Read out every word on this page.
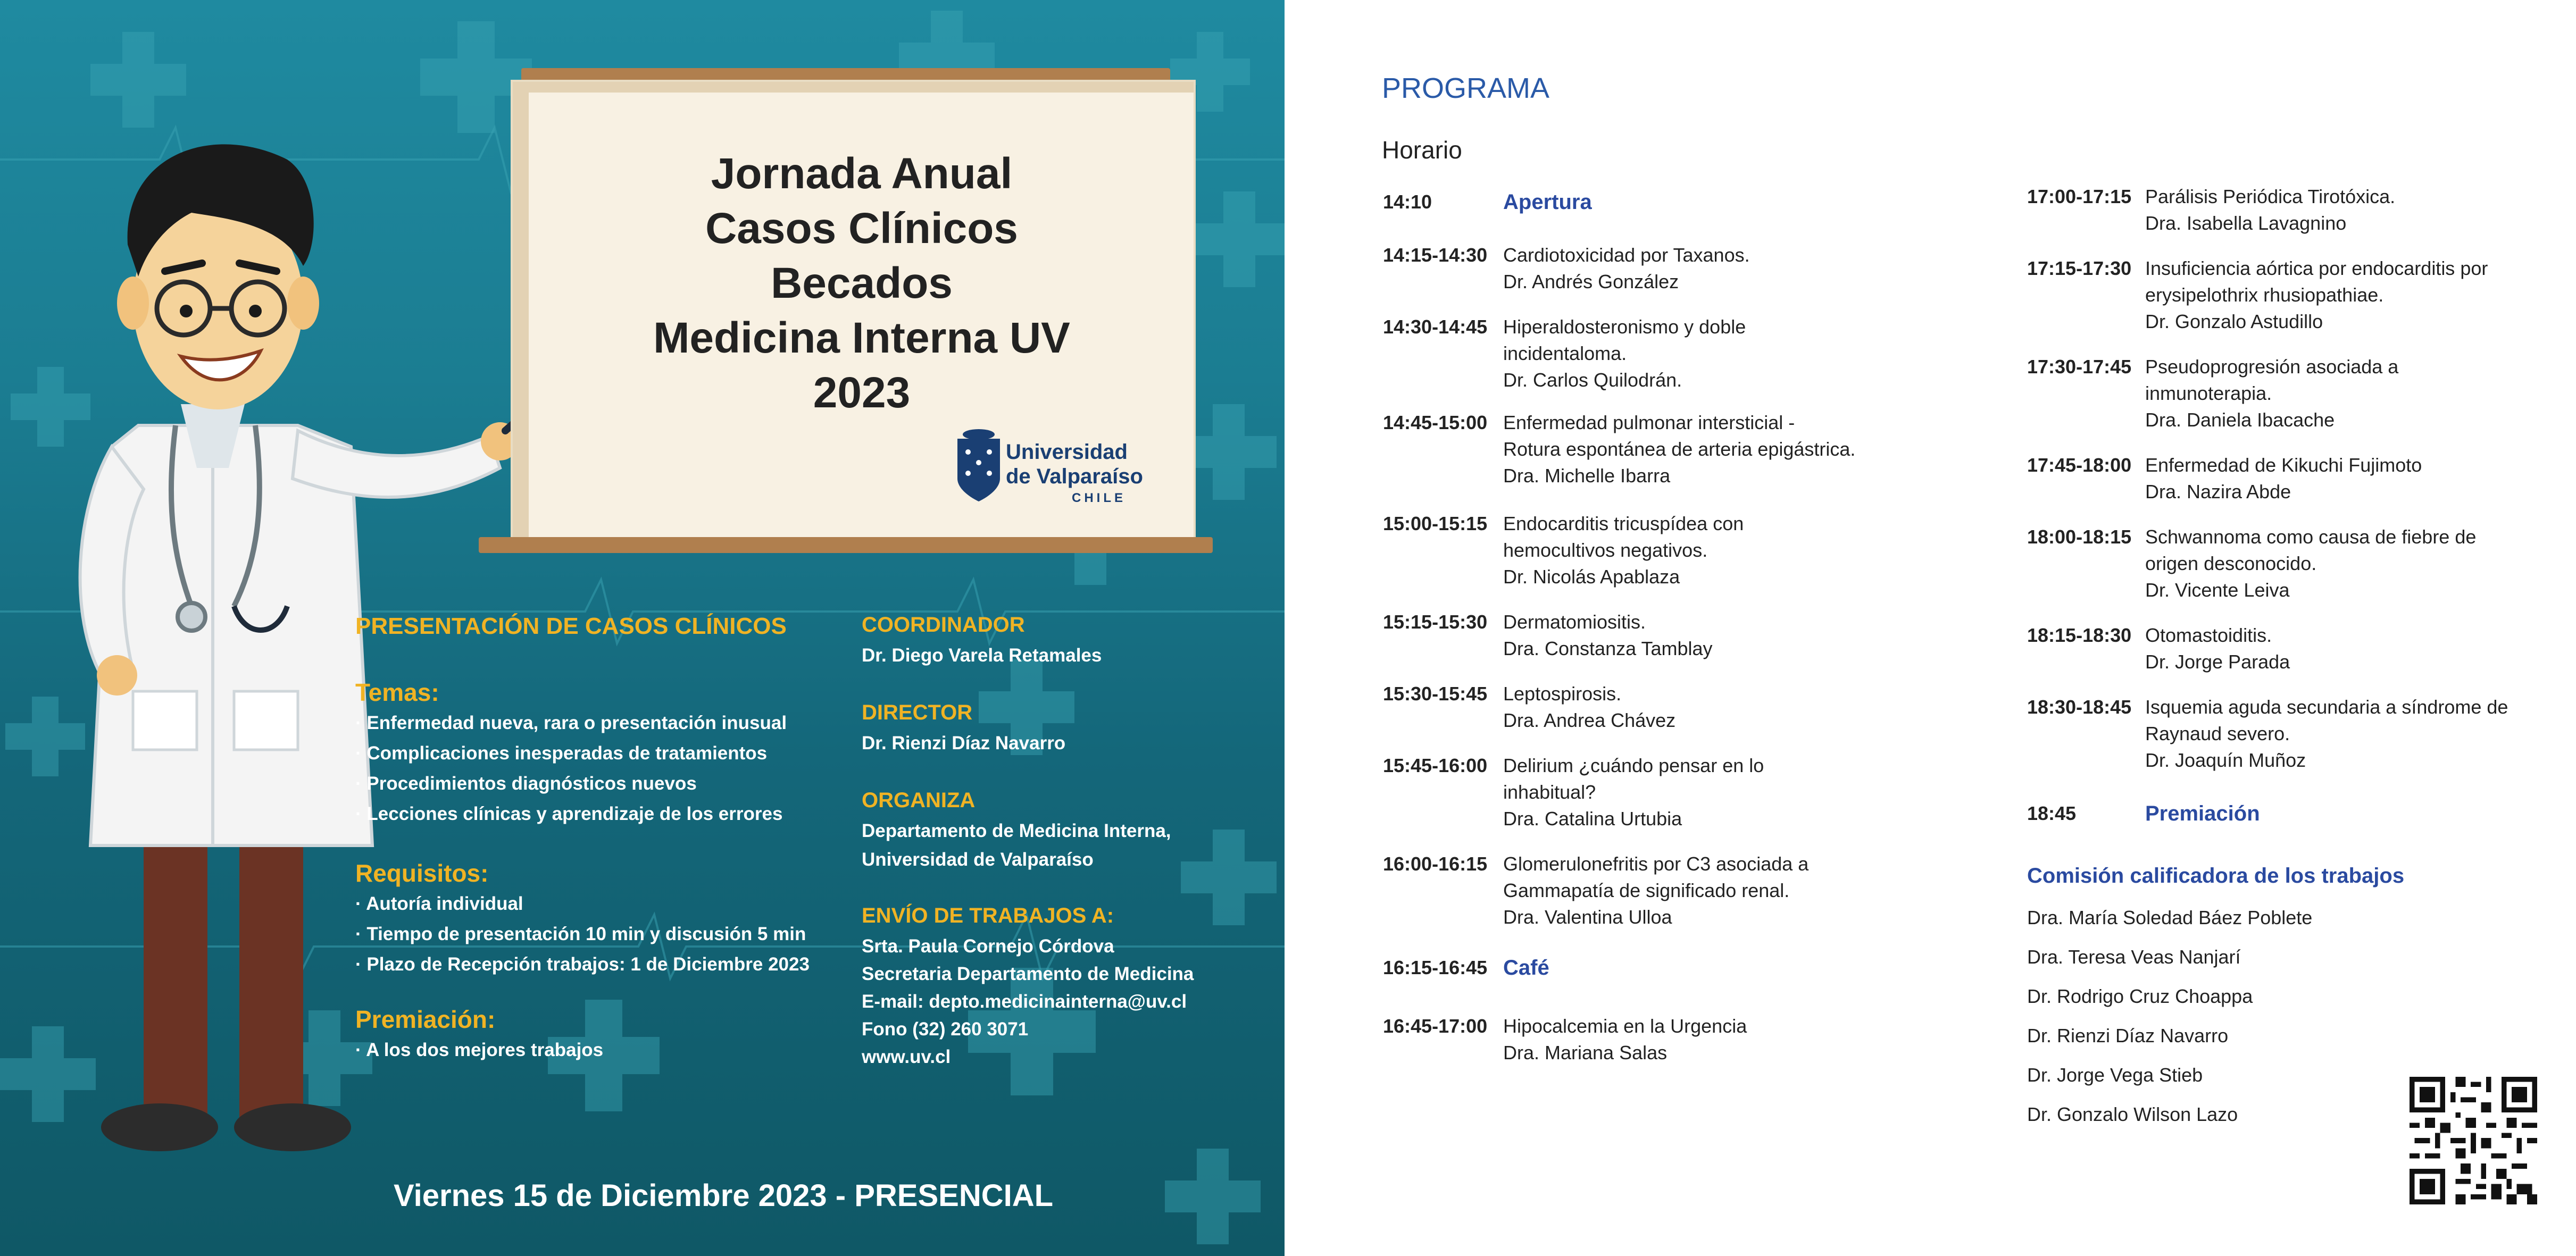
Jornada Anual
Casos Clínicos
Becados
Medicina Interna UV
2023
Universidad
de Valparaíso
CHILE
PRESENTACIÓN DE CASOS CLÍNICOS
Temas:
· Enfermedad nueva, rara o presentación inusual
· Complicaciones inesperadas de tratamientos
· Procedimientos diagnósticos nuevos
· Lecciones clínicas y aprendizaje de los errores
Requisitos:
· Autoría individual
· Tiempo de presentación 10 min y discusión 5 min
· Plazo de Recepción trabajos: 1 de Diciembre 2023
Premiación:
· A los dos mejores trabajos
COORDINADOR
Dr. Diego Varela Retamales
DIRECTOR
Dr. Rienzi Díaz Navarro
ORGANIZA
Departamento de Medicina Interna,
Universidad de Valparaíso
ENVÍO DE TRABAJOS A:
Srta. Paula Cornejo Córdova
Secretaria Departamento de Medicina
E-mail: depto.medicinainterna@uv.cl
Fono (32) 260 3071
www.uv.cl
Viernes 15 de Diciembre 2023 - PRESENCIAL
PROGRAMA
Horario
14:10	Apertura
14:15-14:30 Cardiotoxicidad por Taxanos.
Dr. Andrés González
14:30-14:45 Hiperaldosteronismo y doble
incidentaloma.
Dr. Carlos Quilodrán.
14:45-15:00 Enfermedad pulmonar intersticial -
Rotura espontánea de arteria epigástrica.
Dra. Michelle Ibarra
15:00-15:15 Endocarditis tricuspídea con
hemocultivos negativos.
Dr. Nicolás Apablaza
15:15-15:30 Dermatomiositis.
Dra. Constanza Tamblay
15:30-15:45 Leptospirosis.
Dra. Andrea Chávez
15:45-16:00 Delirium ¿cuándo pensar en lo
inhabitual?
Dra. Catalina Urtubia
16:00-16:15 Glomerulonefritis por C3 asociada a
Gammapatía de significado renal.
Dra. Valentina Ulloa
16:15-16:45 Café
16:45-17:00 Hipocalcemia en la Urgencia
Dra. Mariana Salas
17:00-17:15 Parálisis Periódica Tirotóxica.
Dra. Isabella Lavagnino
17:15-17:30 Insuficiencia aórtica por endocarditis por
erysipelothrix rhusiopathiae.
Dr. Gonzalo Astudillo
17:30-17:45 Pseudoprogresión asociada a
inmunoterapia.
Dra. Daniela Ibacache
17:45-18:00 Enfermedad de Kikuchi Fujimoto
Dra. Nazira Abde
18:00-18:15 Schwannoma como causa de fiebre de
origen desconocido.
Dr. Vicente Leiva
18:15-18:30 Otomastoiditis.
Dr. Jorge Parada
18:30-18:45 Isquemia aguda secundaria a síndrome de
Raynaud severo.
Dr. Joaquín Muñoz
18:45	Premiación
Comisión calificadora de los trabajos
Dra. María Soledad Báez Poblete
Dra. Teresa Veas Nanjarí
Dr. Rodrigo Cruz Choappa
Dr. Rienzi Díaz Navarro
Dr. Jorge Vega Stieb
Dr. Gonzalo Wilson Lazo
